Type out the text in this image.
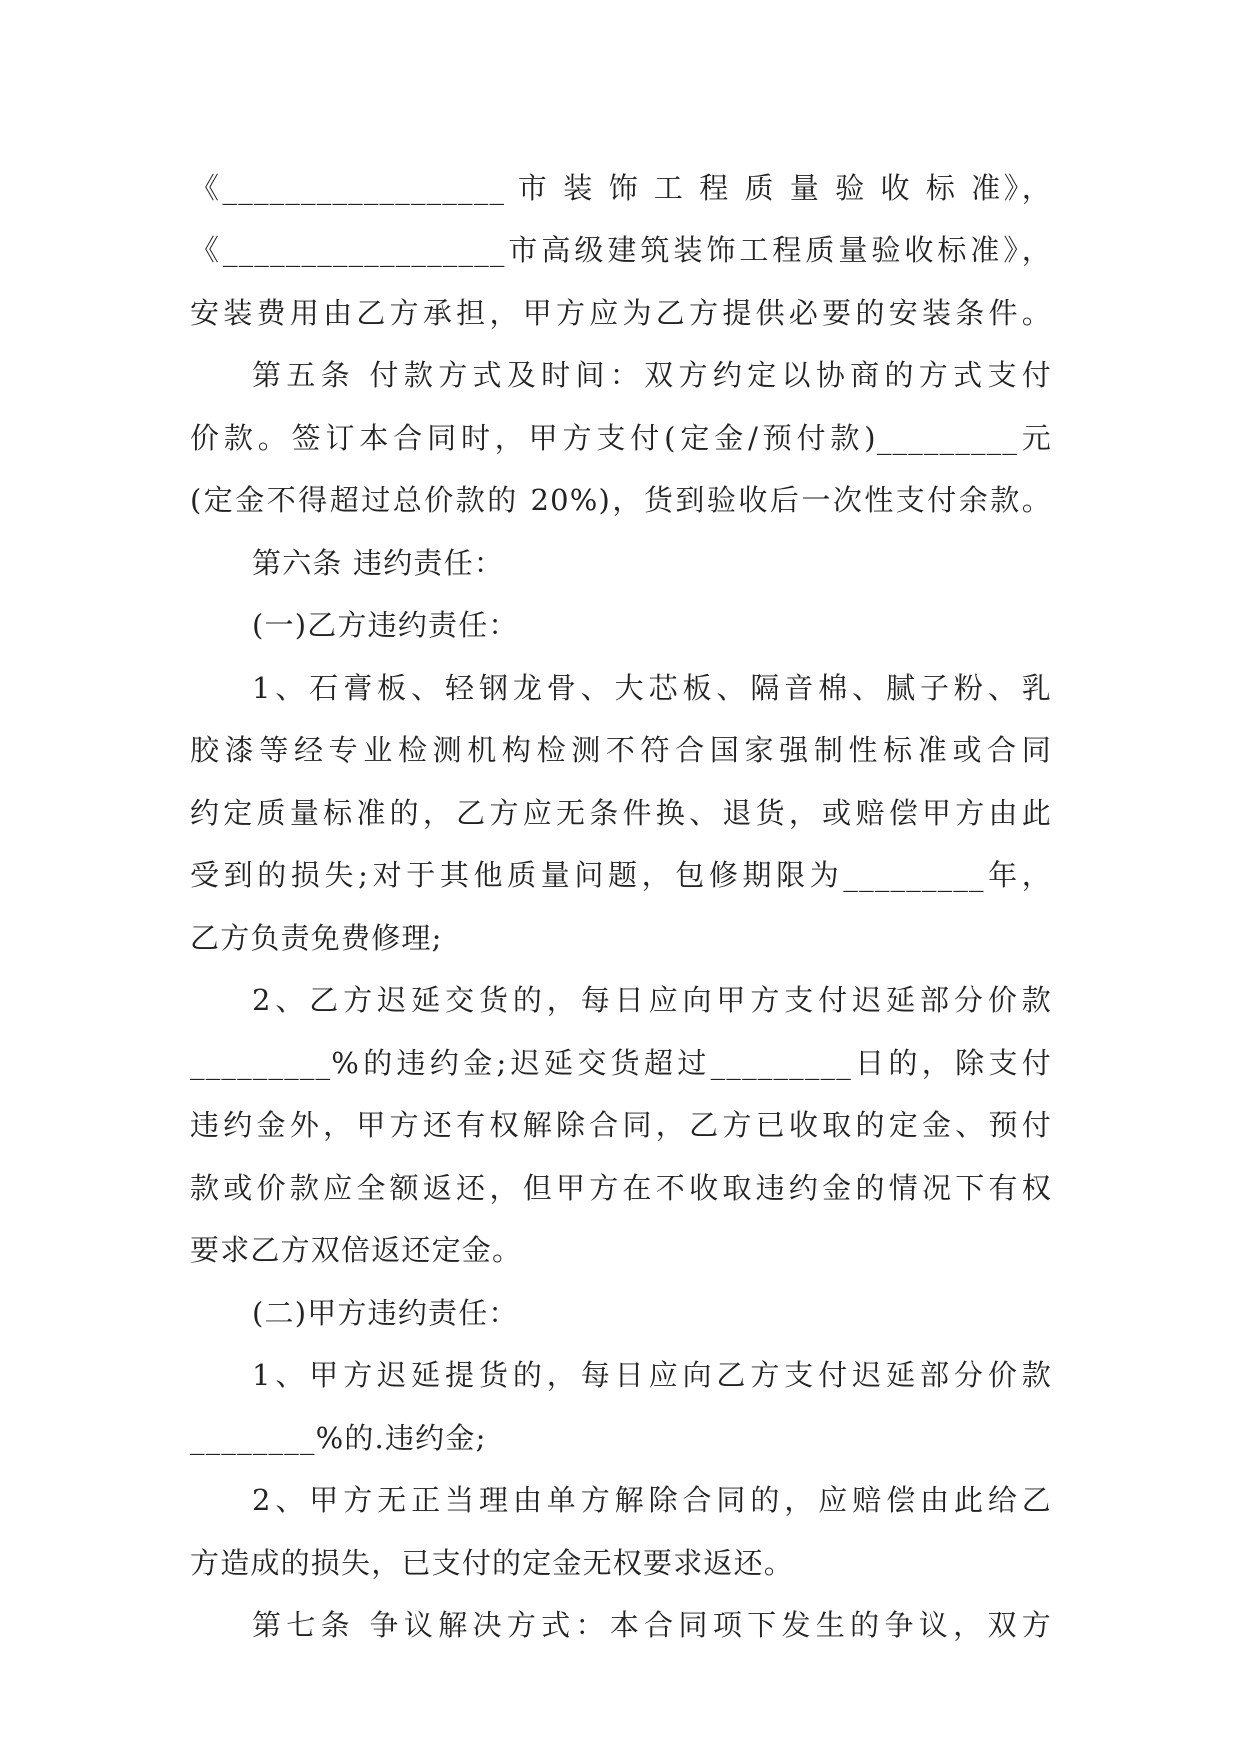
《__________________ 市 装 饰 工 程 质 量 验 收 标 准》，
《__________________市高级建筑装饰工程质量验收标准》，
安装费用由乙方承担，甲方应为乙方提供必要的安装条件。
第五条 付款方式及时间：双方约定以协商的方式支付
价款。签订本合同时，甲方支付(定金/预付款)_________元
(定金不得超过总价款的 20%)，货到验收后一次性支付余款。
第六条 违约责任：
(一)乙方违约责任：
1、石膏板、轻钢龙骨、大芯板、隔音棉、腻子粉、乳
胶漆等经专业检测机构检测不符合国家强制性标准或合同
约定质量标准的，乙方应无条件换、退货，或赔偿甲方由此
受到的损失;对于其他质量问题，包修期限为_________年，
乙方负责免费修理;
2、乙方迟延交货的，每日应向甲方支付迟延部分价款
_________%的违约金;迟延交货超过_________日的，除支付
违约金外，甲方还有权解除合同，乙方已收取的定金、预付
款或价款应全额返还，但甲方在不收取违约金的情况下有权
要求乙方双倍返还定金。
(二)甲方违约责任：
1、甲方迟延提货的，每日应向乙方支付迟延部分价款
________%的.违约金;
2、甲方无正当理由单方解除合同的，应赔偿由此给乙
方造成的损失，已支付的定金无权要求返还。
第七条 争议解决方式：本合同项下发生的争议，双方
